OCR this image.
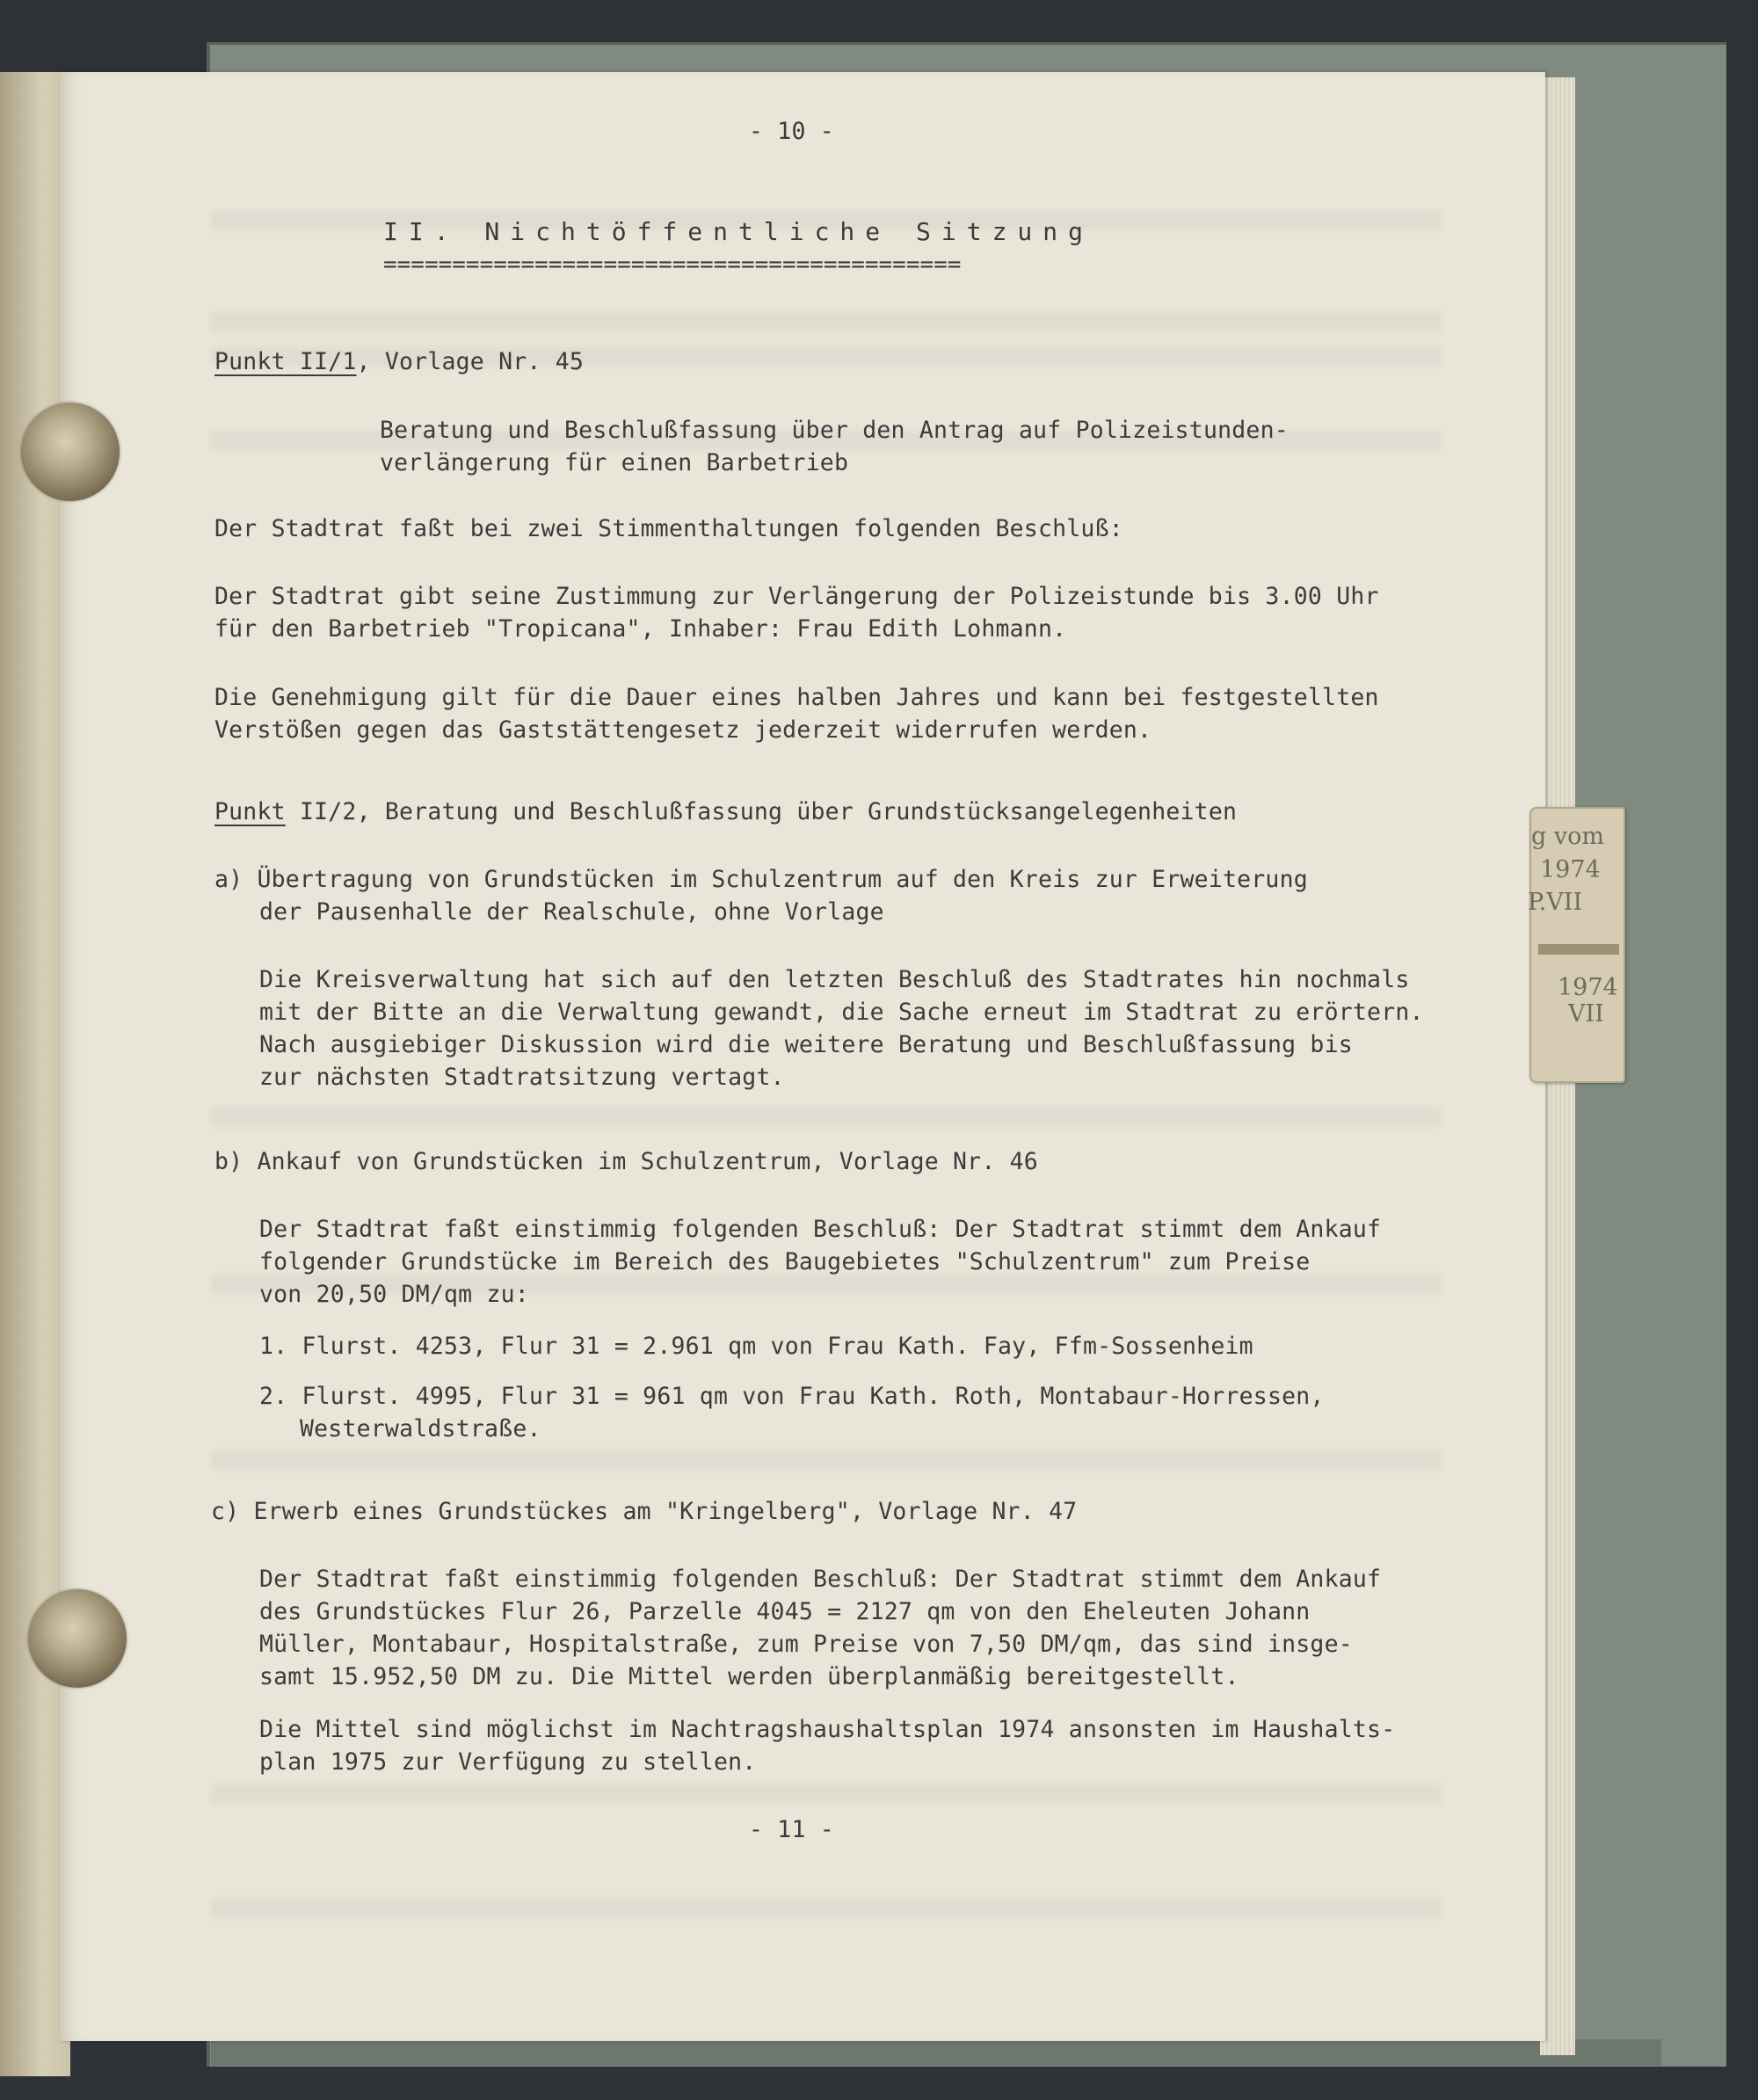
g vom
1974
P.VII
1974
VII
- 10 -
II. Nichtöffentliche Sitzung
==========================================
Punkt II/1, Vorlage Nr. 45
Beratung und Beschlußfassung über den Antrag auf Polizeistunden-
verlängerung für einen Barbetrieb
Der Stadtrat faßt bei zwei Stimmenthaltungen folgenden Beschluß:
Der Stadtrat gibt seine Zustimmung zur Verlängerung der Polizeistunde bis 3.00 Uhr
für den Barbetrieb "Tropicana", Inhaber: Frau Edith Lohmann.
Die Genehmigung gilt für die Dauer eines halben Jahres und kann bei festgestellten
Verstößen gegen das Gaststättengesetz jederzeit widerrufen werden.
Punkt II/2, Beratung und Beschlußfassung über Grundstücksangelegenheiten
a) Übertragung von Grundstücken im Schulzentrum auf den Kreis zur Erweiterung
der Pausenhalle der Realschule, ohne Vorlage
Die Kreisverwaltung hat sich auf den letzten Beschluß des Stadtrates hin nochmals
mit der Bitte an die Verwaltung gewandt, die Sache erneut im Stadtrat zu erörtern.
Nach ausgiebiger Diskussion wird die weitere Beratung und Beschlußfassung bis
zur nächsten Stadtratsitzung vertagt.
b) Ankauf von Grundstücken im Schulzentrum, Vorlage Nr. 46
Der Stadtrat faßt einstimmig folgenden Beschluß: Der Stadtrat stimmt dem Ankauf
folgender Grundstücke im Bereich des Baugebietes "Schulzentrum" zum Preise
von 20,50 DM/qm zu:
1. Flurst. 4253, Flur 31 = 2.961 qm von Frau Kath. Fay, Ffm-Sossenheim
2. Flurst. 4995, Flur 31 = 961 qm von Frau Kath. Roth, Montabaur-Horressen,
Westerwaldstraße.
c) Erwerb eines Grundstückes am "Kringelberg", Vorlage Nr. 47
Der Stadtrat faßt einstimmig folgenden Beschluß: Der Stadtrat stimmt dem Ankauf
des Grundstückes Flur 26, Parzelle 4045 = 2127 qm von den Eheleuten Johann
Müller, Montabaur, Hospitalstraße, zum Preise von 7,50 DM/qm, das sind insge-
samt 15.952,50 DM zu. Die Mittel werden überplanmäßig bereitgestellt.
Die Mittel sind möglichst im Nachtragshaushaltsplan 1974 ansonsten im Haushalts-
plan 1975 zur Verfügung zu stellen.
- 11 -
